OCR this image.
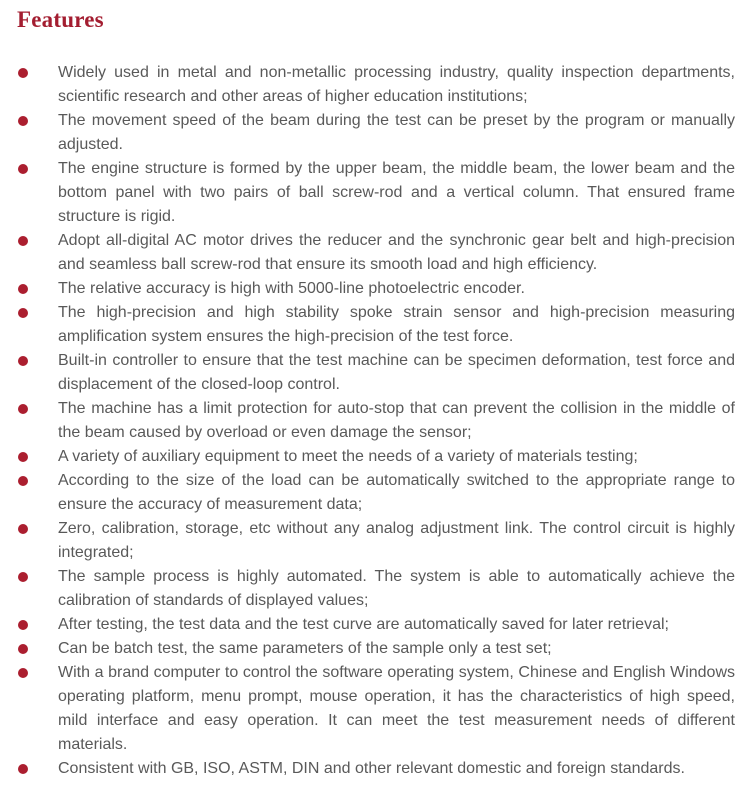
Features

Widely used in metal and non-metallic processing industry, quality inspection departments, scientific research and other areas of higher education institutions;

The movement speed of the beam during the test can be preset by the program or manually adjusted.

The engine structure is formed by the upper beam, the middle beam, the lower beam and the bottom panel with two pairs of ball screw-rod and a vertical column. That ensured frame structure is rigid.

Adopt all-digital AC motor drives the reducer and the synchronic gear belt and high-precision and seamless ball screw-rod that ensure its smooth load and high efficiency.

The relative accuracy is high with 5000-line photoelectric encoder.

The high-precision and high stability spoke strain sensor and high-precision measuring amplification system ensures the high-precision of the test force.

Built-in controller to ensure that the test machine can be specimen deformation, test force and displacement of the closed-loop control.

The machine has a limit protection for auto-stop that can prevent the collision in the middle of the beam caused by overload or even damage the sensor;

A variety of auxiliary equipment to meet the needs of a variety of materials testing;

According to the size of the load can be automatically switched to the appropriate range to ensure the accuracy of measurement data;

Zero, calibration, storage, etc without any analog adjustment link. The control circuit is highly integrated;

The sample process is highly automated. The system is able to automatically achieve the calibration of standards of displayed values;

After testing, the test data and the test curve are automatically saved for later retrieval;

Can be batch test, the same parameters of the sample only a test set;

With a brand computer to control the software operating system, Chinese and English Windows operating platform, menu prompt, mouse operation, it has the characteristics of high speed, mild interface and easy operation. It can meet the test measurement needs of different materials.

Consistent with GB, ISO, ASTM, DIN and other relevant domestic and foreign standards.
